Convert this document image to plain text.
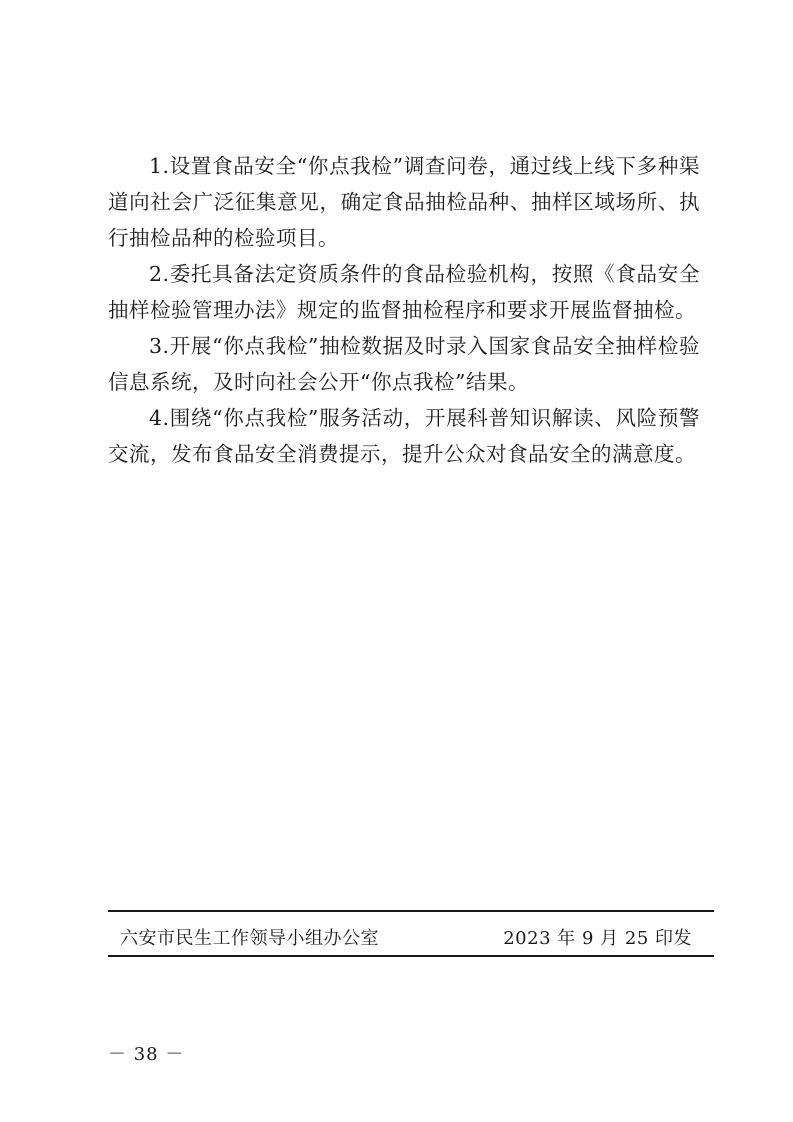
1.设置食品安全“你点我检”调查问卷，通过线上线下多种渠道向社会广泛征集意见，确定食品抽检品种、抽样区域场所、执行抽检品种的检验项目。

2.委托具备法定资质条件的食品检验机构，按照《食品安全抽样检验管理办法》规定的监督抽检程序和要求开展监督抽检。

3.开展“你点我检”抽检数据及时录入国家食品安全抽样检验信息系统，及时向社会公开“你点我检”结果。

4.围绕“你点我检”服务活动，开展科普知识解读、风险预警交流，发布食品安全消费提示，提升公众对食品安全的满意度。

六安市民生工作领导小组办公室	2023 年 9 月 25 印发
－ 38 －
